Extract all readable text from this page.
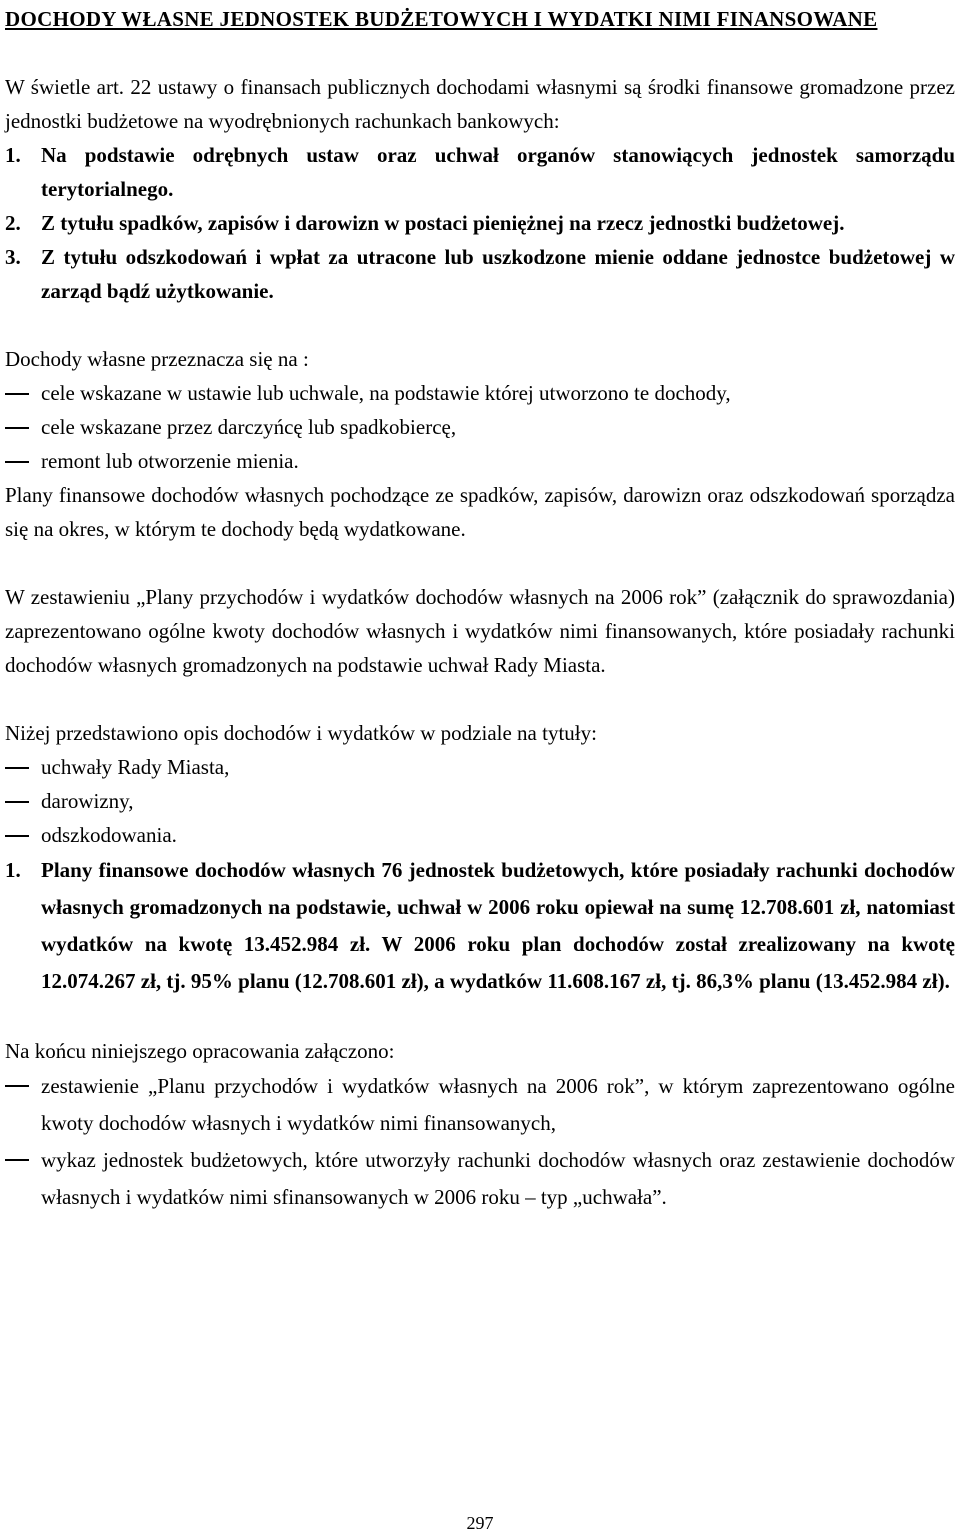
DOCHODY WŁASNE JEDNOSTEK BUDŻETOWYCH I WYDATKI NIMI FINANSOWANE

W świetle art. 22 ustawy o finansach publicznych dochodami własnymi są środki finansowe gromadzone przez jednostki budżetowe na wyodrębnionych rachunkach bankowych:

1. Na podstawie odrębnych ustaw oraz uchwał organów stanowiących jednostek samorządu terytorialnego.
2. Z tytułu spadków, zapisów i darowizn w postaci pieniężnej na rzecz jednostki budżetowej.
3. Z tytułu odszkodowań i wpłat za utracone lub uszkodzone mienie oddane jednostce budżetowej w zarząd bądź użytkowanie.

Dochody własne przeznacza się na :

cele wskazane w ustawie lub uchwale, na podstawie której utworzono te dochody,
cele wskazane przez darczyńcę lub spadkobiercę,
remont lub otworzenie mienia.

Plany finansowe dochodów własnych pochodzące ze spadków, zapisów, darowizn oraz odszkodowań sporządza się na okres, w którym te dochody będą wydatkowane.

W zestawieniu „Plany przychodów i wydatków dochodów własnych na 2006 rok” (załącznik do sprawozdania) zaprezentowano ogólne kwoty dochodów własnych i wydatków nimi finansowanych, które posiadały rachunki dochodów własnych gromadzonych na podstawie uchwał Rady Miasta.

Niżej przedstawiono opis dochodów i wydatków w podziale na tytuły:

uchwały Rady Miasta,
darowizny,
odszkodowania.
1. Plany finansowe dochodów własnych 76 jednostek budżetowych, które posiadały rachunki dochodów własnych gromadzonych na podstawie, uchwał w 2006 roku opiewał na sumę 12.708.601 zł, natomiast wydatków na kwotę 13.452.984 zł. W 2006 roku plan dochodów został zrealizowany na kwotę 12.074.267 zł, tj. 95% planu (12.708.601 zł), a wydatków 11.608.167 zł, tj. 86,3% planu (13.452.984 zł).

Na końcu niniejszego opracowania załączono:

zestawienie „Planu przychodów i wydatków własnych na 2006 rok”, w którym zaprezentowano ogólne kwoty dochodów własnych i wydatków nimi finansowanych,
wykaz jednostek budżetowych, które utworzyły rachunki dochodów własnych oraz zestawienie dochodów własnych i wydatków nimi sfinansowanych w 2006 roku – typ „uchwała”.
297
